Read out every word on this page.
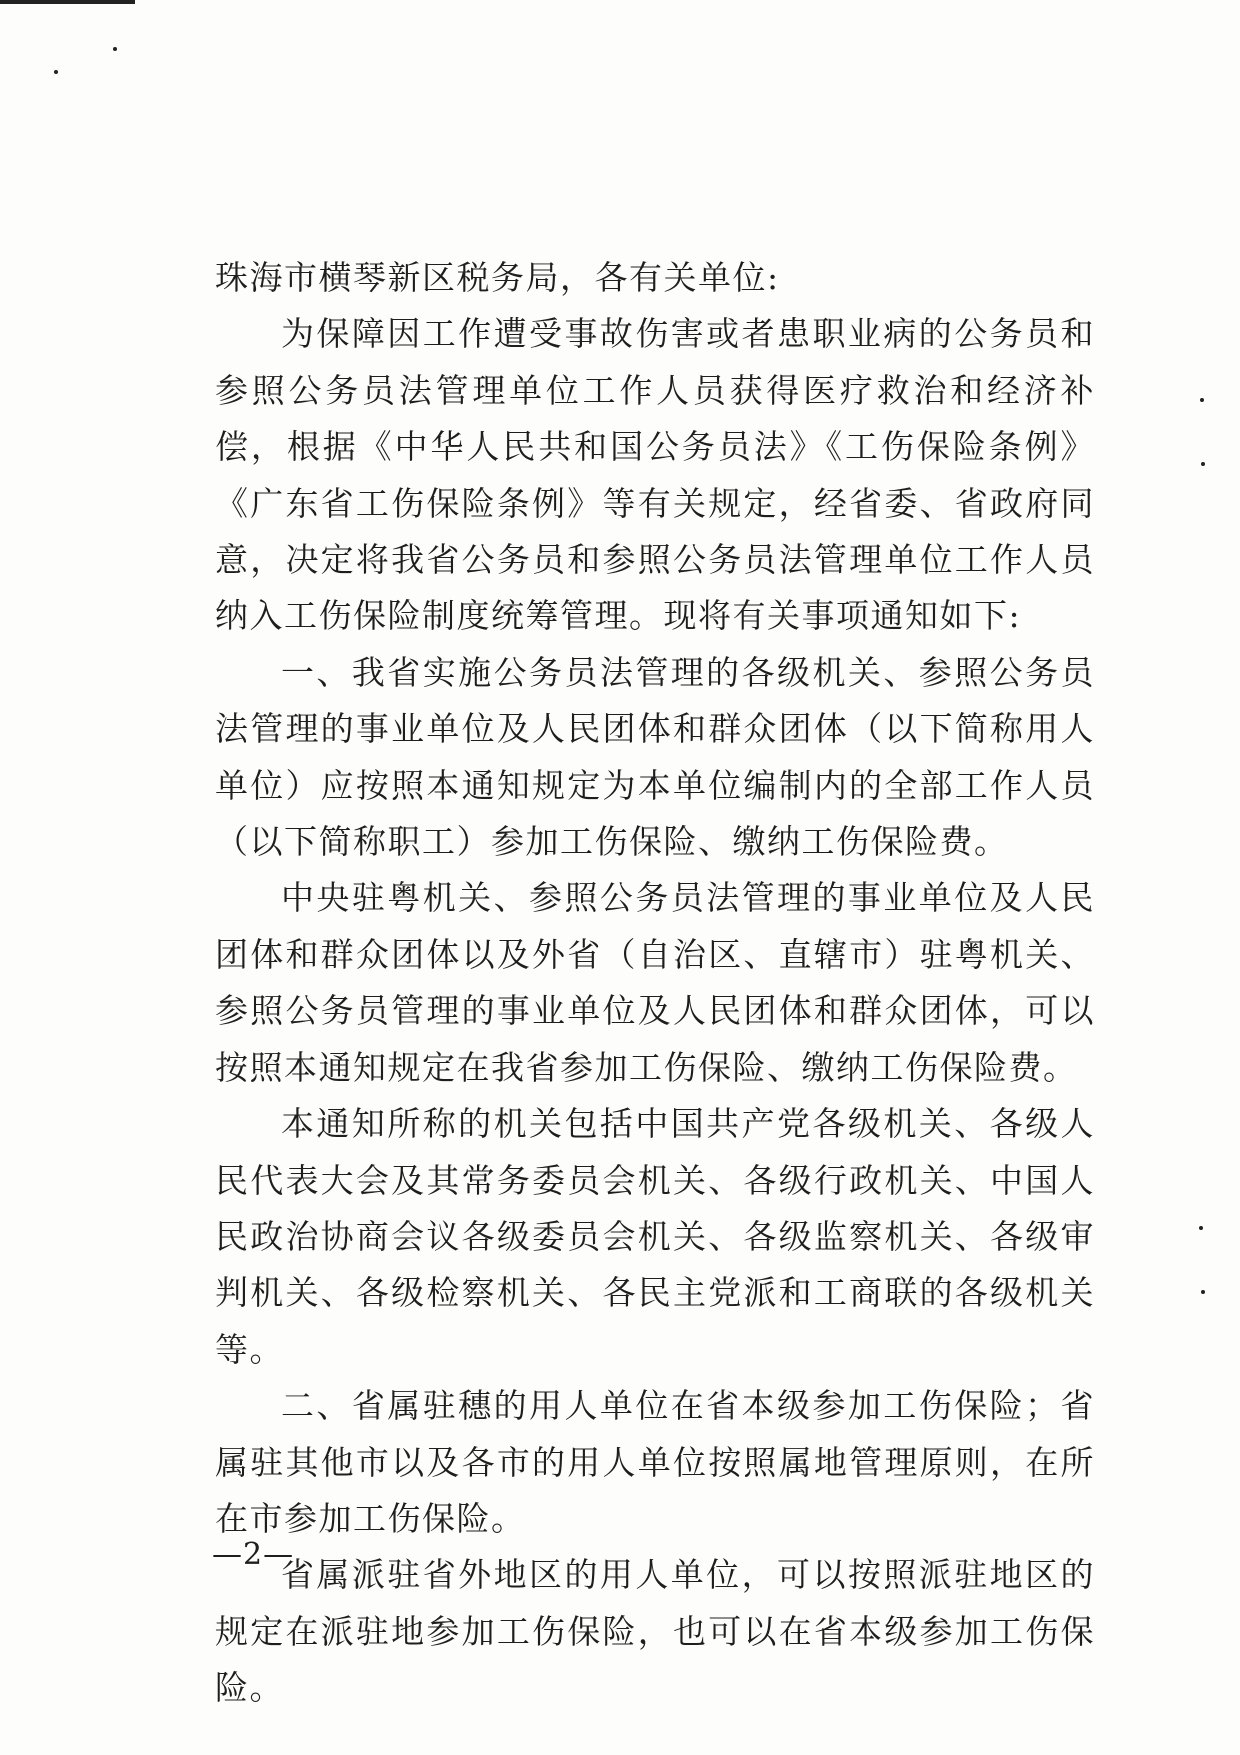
珠海市横琴新区税务局，各有关单位:

为保障因工作遭受事故伤害或者患职业病的公务员和参照公务员法管理单位工作人员获得医疗救治和经济补偿，根据《中华人民共和国公务员法》《工伤保险条例》《广东省工伤保险条例》等有关规定，经省委、省政府同意，决定将我省公务员和参照公务员法管理单位工作人员纳入工伤保险制度统筹管理。现将有关事项通知如下:

一、我省实施公务员法管理的各级机关、参照公务员法管理的事业单位及人民团体和群众团体（以下简称用人单位）应按照本通知规定为本单位编制内的全部工作人员（以下简称职工）参加工伤保险、缴纳工伤保险费。

中央驻粤机关、参照公务员法管理的事业单位及人民团体和群众团体以及外省（自治区、直辖市）驻粤机关、参照公务员管理的事业单位及人民团体和群众团体，可以按照本通知规定在我省参加工伤保险、缴纳工伤保险费。

本通知所称的机关包括中国共产党各级机关、各级人民代表大会及其常务委员会机关、各级行政机关、中国人民政治协商会议各级委员会机关、各级监察机关、各级审判机关、各级检察机关、各民主党派和工商联的各级机关等。

二、省属驻穗的用人单位在省本级参加工伤保险；省属驻其他市以及各市的用人单位按照属地管理原则，在所在市参加工伤保险。

省属派驻省外地区的用人单位，可以按照派驻地区的规定在派驻地参加工伤保险，也可以在省本级参加工伤保险。

—2—
